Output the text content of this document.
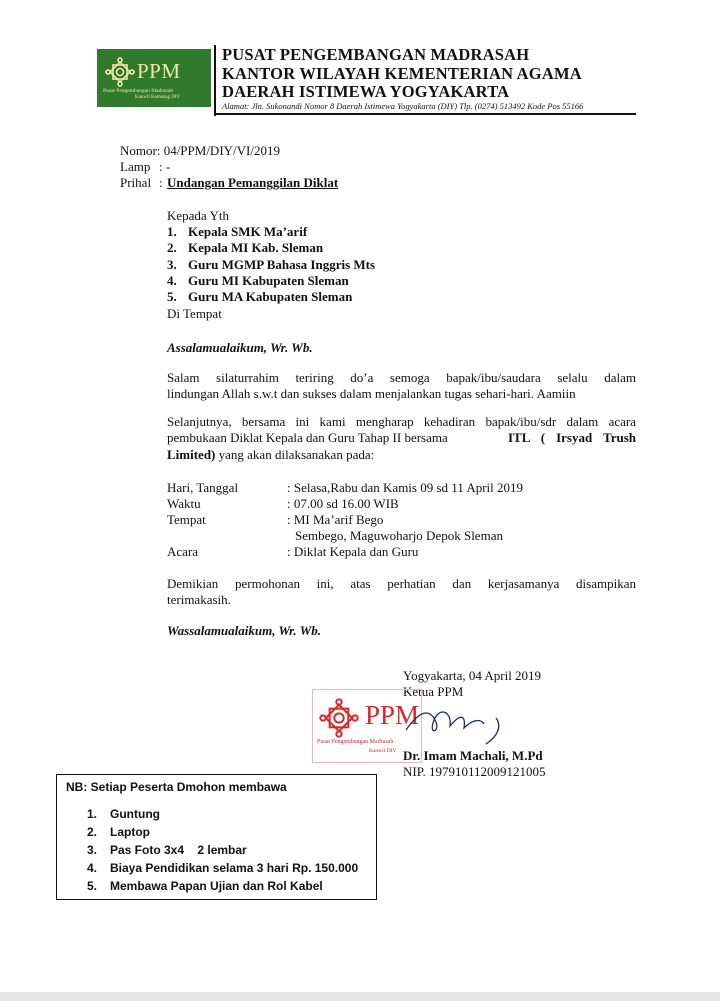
PPM
Pusat Pengembangan Madrasah
Kanwil Kemenag DIY
PUSAT PENGEMBANGAN MADRASAH
KANTOR WILAYAH KEMENTERIAN AGAMA
DAERAH ISTIMEWA YOGYAKARTA
Alamat: Jln. Sukonandi Nomor 8 Daerah Istimewa Yogyakarta (DIY) Tlp. (0274) 513492 Kode Pos 55166
Nomor: 04/PPM/DIY/VI/2019
Lamp : -
Prihal : Undangan Pemanggilan Diklat
Kepada Yth
1. Kepala SMK Ma’arif
2. Kepala MI Kab. Sleman
3. Guru MGMP Bahasa Inggris Mts
4. Guru MI Kabupaten Sleman
5. Guru MA Kabupaten Sleman
Di Tempat
Assalamualaikum, Wr. Wb.
Salam silaturrahim teriring do’a semoga bapak/ibu/saudara selalu dalam
lindungan Allah s.w.t dan sukses dalam menjalankan tugas sehari-hari. Aamiin
Selanjutnya, bersama ini kami mengharap kehadiran bapak/ibu/sdr dalam acara
pembukaan Diklat Kepala dan Guru Tahap II bersama	ITL ( Irsyad Trush
Limited) yang akan dilaksanakan pada:
Hari, Tanggal	: Selasa,Rabu dan Kamis 09 sd 11 April 2019
Waktu	: 07.00 sd 16.00 WIB
Tempat	: MI Ma’arif Bego
Sembego, Maguwoharjo Depok Sleman
Acara	: Diklat Kepala dan Guru
Demikian permohonan ini, atas perhatian dan kerjasamanya disampikan
terimakasih.
Wassalamualaikum, Wr. Wb.
Yogyakarta, 04 April 2019
Ketua PPM
PPM
Pusat Pengembangan Madrasah
Kanwil DIY Dr. Imam Machali, M.Pd
NIP. 197910112009121005
NB: Setiap Peserta Dmohon membawa
1. Guntung
2. Laptop
3. Pas Foto 3x4    2 lembar
4. Biaya Pendidikan selama 3 hari Rp. 150.000
5. Membawa Papan Ujian dan Rol Kabel
